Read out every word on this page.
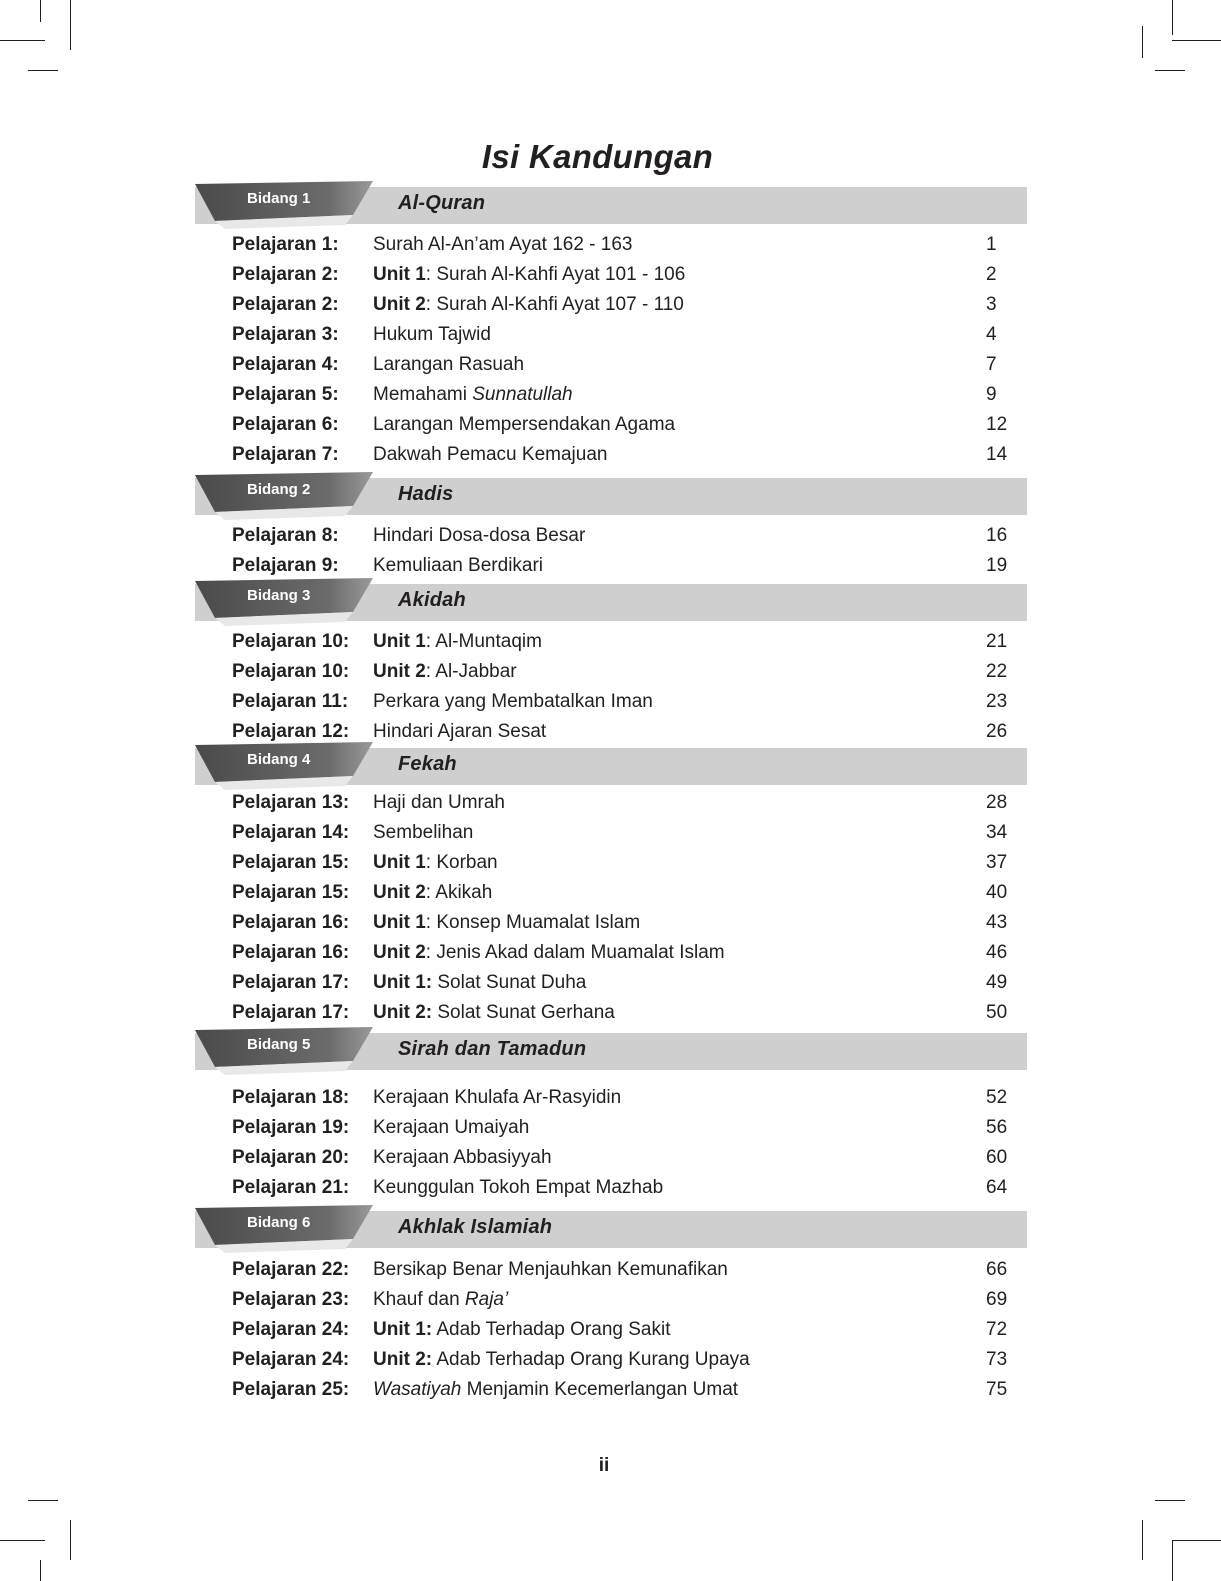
Isi Kandungan
Bidang 1	Al-Quran
Pelajaran 1: Surah Al-An’am Ayat 162 - 163	1
Pelajaran 2: Unit 1: Surah Al-Kahfi Ayat 101 - 106	2
Pelajaran 2: Unit 2: Surah Al-Kahfi Ayat 107 - 110	3
Pelajaran 3: Hukum Tajwid	4
Pelajaran 4: Larangan Rasuah	7
Pelajaran 5: Memahami Sunnatullah	9
Pelajaran 6: Larangan Mempersendakan Agama	12
Pelajaran 7: Dakwah Pemacu Kemajuan	14
Bidang 2	Hadis
Pelajaran 8: Hindari Dosa-dosa Besar	16
Pelajaran 9: Kemuliaan Berdikari	19
Bidang 3	Akidah
Pelajaran 10: Unit 1: Al-Muntaqim	21
Pelajaran 10: Unit 2: Al-Jabbar	22
Pelajaran 11: Perkara yang Membatalkan Iman	23
Pelajaran 12: Hindari Ajaran Sesat	26
Bidang 4	Fekah
Pelajaran 13: Haji dan Umrah	28
Pelajaran 14: Sembelihan	34
Pelajaran 15: Unit 1: Korban	37
Pelajaran 15: Unit 2: Akikah	40
Pelajaran 16: Unit 1: Konsep Muamalat Islam	43
Pelajaran 16: Unit 2: Jenis Akad dalam Muamalat Islam	46
Pelajaran 17: Unit 1: Solat Sunat Duha	49
Pelajaran 17: Unit 2: Solat Sunat Gerhana	50
Bidang 5	Sirah dan Tamadun
Pelajaran 18: Kerajaan Khulafa Ar-Rasyidin	52
Pelajaran 19: Kerajaan Umaiyah	56
Pelajaran 20: Kerajaan Abbasiyyah	60
Pelajaran 21: Keunggulan Tokoh Empat Mazhab	64
Bidang 6	Akhlak Islamiah
Pelajaran 22: Bersikap Benar Menjauhkan Kemunafikan	66
Pelajaran 23: Khauf dan Raja’	69
Pelajaran 24: Unit 1: Adab Terhadap Orang Sakit	72
Pelajaran 24: Unit 2: Adab Terhadap Orang Kurang Upaya	73
Pelajaran 25: Wasatiyah Menjamin Kecemerlangan Umat	75
ii
